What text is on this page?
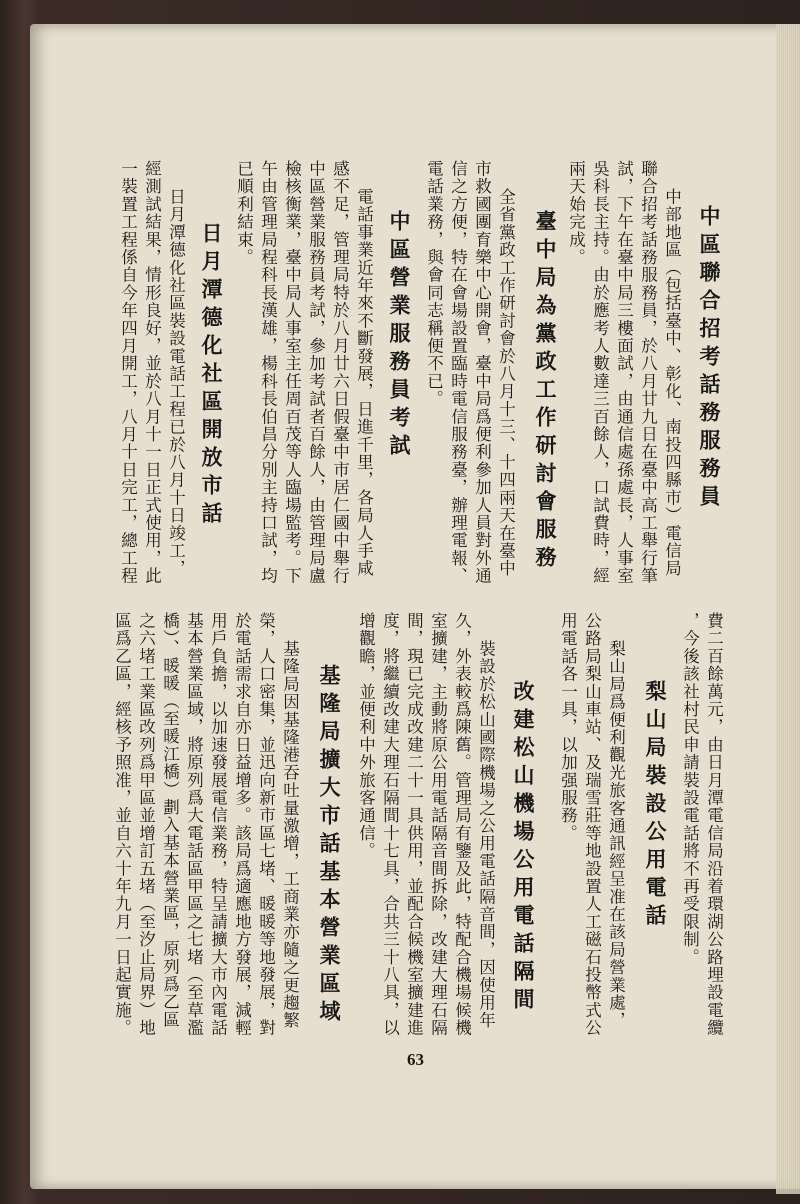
中區聯合招考話務服務員
中部地區（包括臺中、彰化、南投四縣市）電信局
聯合招考話務服務員，於八月廿九日在臺中高工舉行筆
試，下午在臺中局三樓面試，由通信處孫處長，人事室
吳科長主持。由於應考人數達三百餘人，口試費時，經
兩天始完成。
臺中局為黨政工作研討會服務
全省黨政工作研討會於八月十三、十四兩天在臺中
市救國團育樂中心開會，臺中局爲便利參加人員對外通
信之方便，特在會場設置臨時電信服務臺，辦理電報、
電話業務，與會同志稱便不已。
中區營業服務員考試
電話事業近年來不斷發展，日進千里，各局人手咸
感不足，管理局特於八月廿六日假臺中市居仁國中舉行
中區營業服務員考試，參加考試者百餘人，由管理局盧
檢核衡業，臺中局人事室主任周百茂等人臨場監考。下
午由管理局程科長漢雄，楊科長伯昌分別主持口試，均
已順利結束。
日月潭德化社區開放市話
日月潭德化社區裝設電話工程已於八月十日竣工，
經測試結果，情形良好，並於八月十一日正式使用，此
一裝置工程係自今年四月開工，八月十日完工，總工程
費二百餘萬元，由日月潭電信局沿着環湖公路埋設電纜
，今後該社村民申請裝設電話將不再受限制。
梨山局裝設公用電話
梨山局爲便利觀光旅客通訊經呈准在該局營業處，
公路局梨山車站、及瑞雪莊等地設置人工磁石投幣式公
用電話各一具，以加强服務。
改建松山機場公用電話隔間
裝設於松山國際機場之公用電話隔音間，因使用年
久，外表較爲陳舊。管理局有鑒及此，特配合機場候機
室擴建，主動將原公用電話隔音間拆除，改建大理石隔
間，現已完成改建二十一具供用，並配合候機室擴建進
度，將繼續改建大理石隔間十七具，合共三十八具，以
增觀瞻，並便利中外旅客通信。
基隆局擴大市話基本營業區域
基隆局因基隆港吞吐量激增，工商業亦隨之更趨繁
榮，人口密集，並迅向新市區七堵、暖暖等地發展，對
於電話需求自亦日益增多。該局爲適應地方發展，減輕
用戶負擔，以加速發展電信業務，特呈請擴大市內電話
基本營業區域，將原列爲大電話區甲區之七堵（至草濫
橋）、暖暖（至暖江橋）劃入基本營業區，原列爲乙區
之六堵工業區改列爲甲區並增訂五堵（至汐止局界）地
區爲乙區，經核予照准，並自六十年九月一日起實施。
63
